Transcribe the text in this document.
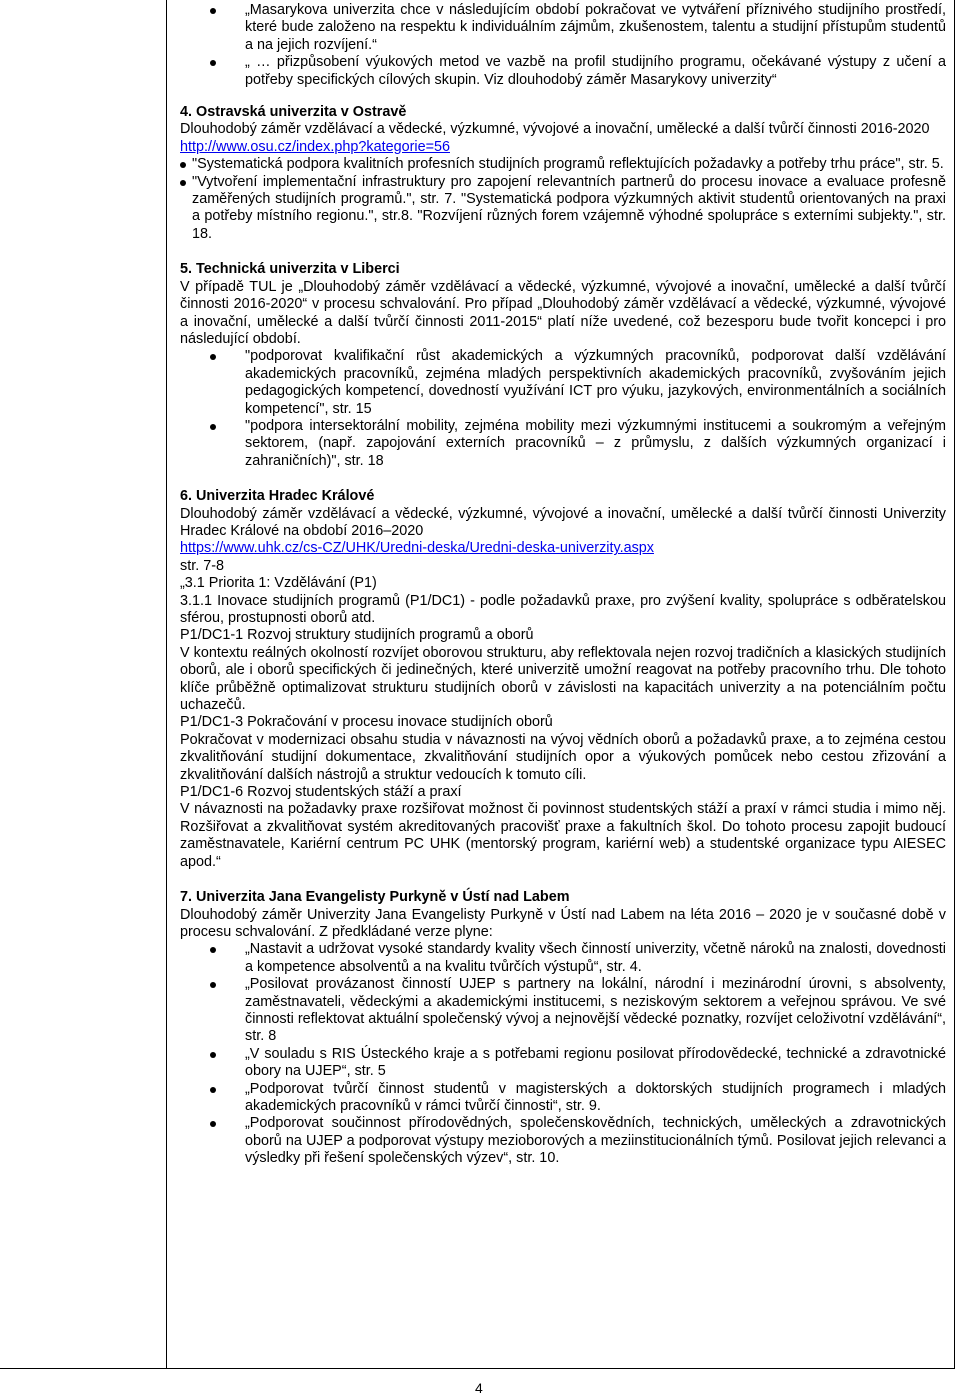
„Masarykova univerzita chce v následujícím období pokračovat ve vytváření příznivého studijního prostředí, které bude založeno na respektu k individuálním zájmům, zkušenostem, talentu a studijní přístupům studentů a na jejich rozvíjení.“
„ … přizpůsobení výukových metod ve vazbě na profil studijního programu, očekávané výstupy z učení a potřeby specifických cílových skupin. Viz dlouhodobý záměr Masarykovy univerzity“
4. Ostravská univerzita v Ostravě

Dlouhodobý záměr vzdělávací a vědecké, výzkumné, vývojové a inovační, umělecké a další tvůrčí činnosti 2016-2020

http://www.osu.cz/index.php?kategorie=56
"Systematická podpora kvalitních profesních studijních programů reflektujících požadavky a potřeby trhu práce", str. 5.
"Vytvoření implementační infrastruktury pro zapojení relevantních partnerů do procesu inovace a evaluace profesně zaměřených studijních programů.", str. 7. "Systematická podpora výzkumných aktivit studentů orientovaných na praxi a potřeby místního regionu.", str.8. "Rozvíjení různých forem vzájemně výhodné spolupráce s externími subjekty.", str. 18.
5. Technická univerzita v Liberci

V případě TUL je „Dlouhodobý záměr vzdělávací a vědecké, výzkumné, vývojové a inovační, umělecké a další tvůrčí činnosti 2016-2020“ v procesu schvalování. Pro případ „Dlouhodobý záměr vzdělávací a vědecké, výzkumné, vývojové a inovační, umělecké a další tvůrčí činnosti 2011-2015“ platí níže uvedené, což bezesporu bude tvořit koncepci i pro následující období.

"podporovat kvalifikační růst akademických a výzkumných pracovníků, podporovat další vzdělávání akademických pracovníků, zejména mladých perspektivních akademických pracovníků, zvyšováním jejich pedagogických kompetencí, dovedností využívání ICT pro výuku, jazykových, environmentálních a sociálních kompetencí", str. 15
"podpora intersektorální mobility, zejména mobility mezi výzkumnými institucemi a soukromým a veřejným sektorem, (např. zapojování externích pracovníků – z průmyslu, z dalších výzkumných organizací i zahraničních)", str. 18
6. Univerzita Hradec Králové

Dlouhodobý záměr vzdělávací a vědecké, výzkumné, vývojové a inovační, umělecké a další tvůrčí činnosti Univerzity Hradec Králové na období 2016–2020

https://www.uhk.cz/cs-CZ/UHK/Uredni-deska/Uredni-deska-univerzity.aspx

str. 7-8

„3.1 Priorita 1: Vzdělávání (P1)

3.1.1 Inovace studijních programů (P1/DC1) - podle požadavků praxe, pro zvýšení kvality, spolupráce s odběratelskou sférou, prostupnosti oborů atd.

P1/DC1-1 Rozvoj struktury studijních programů a oborů

V kontextu reálných okolností rozvíjet oborovou strukturu, aby reflektovala nejen rozvoj tradičních a klasických studijních oborů, ale i oborů specifických či jedinečných, které univerzitě umožní reagovat na potřeby pracovního trhu. Dle tohoto klíče průběžně optimalizovat strukturu studijních oborů v závislosti na kapacitách univerzity a na potenciálním počtu uchazečů.

P1/DC1-3 Pokračování v procesu inovace studijních oborů

Pokračovat v modernizaci obsahu studia v návaznosti na vývoj vědních oborů a požadavků praxe, a to zejména cestou zkvalitňování studijní dokumentace, zkvalitňování studijních opor a výukových pomůcek nebo cestou zřizování a zkvalitňování dalších nástrojů a struktur vedoucích k tomuto cíli.

P1/DC1-6 Rozvoj studentských stáží a praxí

V návaznosti na požadavky praxe rozšiřovat možnost či povinnost studentských stáží a praxí v rámci studia i mimo něj. Rozšiřovat a zkvalitňovat systém akreditovaných pracovišť praxe a fakultních škol. Do tohoto procesu zapojit budoucí zaměstnavatele, Kariérní centrum PC UHK (mentorský program, kariérní web) a studentské organizace typu AIESEC apod.“

7. Univerzita Jana Evangelisty Purkyně v Ústí nad Labem

Dlouhodobý záměr Univerzity Jana Evangelisty Purkyně v Ústí nad Labem na léta 2016 – 2020 je v současné době v procesu schvalování. Z předkládané verze plyne:

„Nastavit a udržovat vysoké standardy kvality všech činností univerzity, včetně nároků na znalosti, dovednosti a kompetence absolventů a na kvalitu tvůrčích výstupů“, str. 4.
„Posilovat provázanost činností UJEP s partnery na lokální, národní i mezinárodní úrovni, s absolventy, zaměstnavateli, vědeckými a akademickými institucemi, s neziskovým sektorem a veřejnou správou. Ve své činnosti reflektovat aktuální společenský vývoj a nejnovější vědecké poznatky, rozvíjet celoživotní vzdělávání“, str. 8
„V souladu s RIS Ústeckého kraje a s potřebami regionu posilovat přírodovědecké, technické a zdravotnické obory na UJEP“, str. 5
„Podporovat tvůrčí činnost studentů v magisterských a doktorských studijních programech i mladých akademických pracovníků v rámci tvůrčí činnosti“, str. 9.
„Podporovat součinnost přírodovědných, společenskovědních, technických, uměleckých a zdravotnických oborů na UJEP a podporovat výstupy mezioborových a meziinstitucionálních týmů. Posilovat jejich relevanci a výsledky při řešení společenských výzev“, str. 10.
4
